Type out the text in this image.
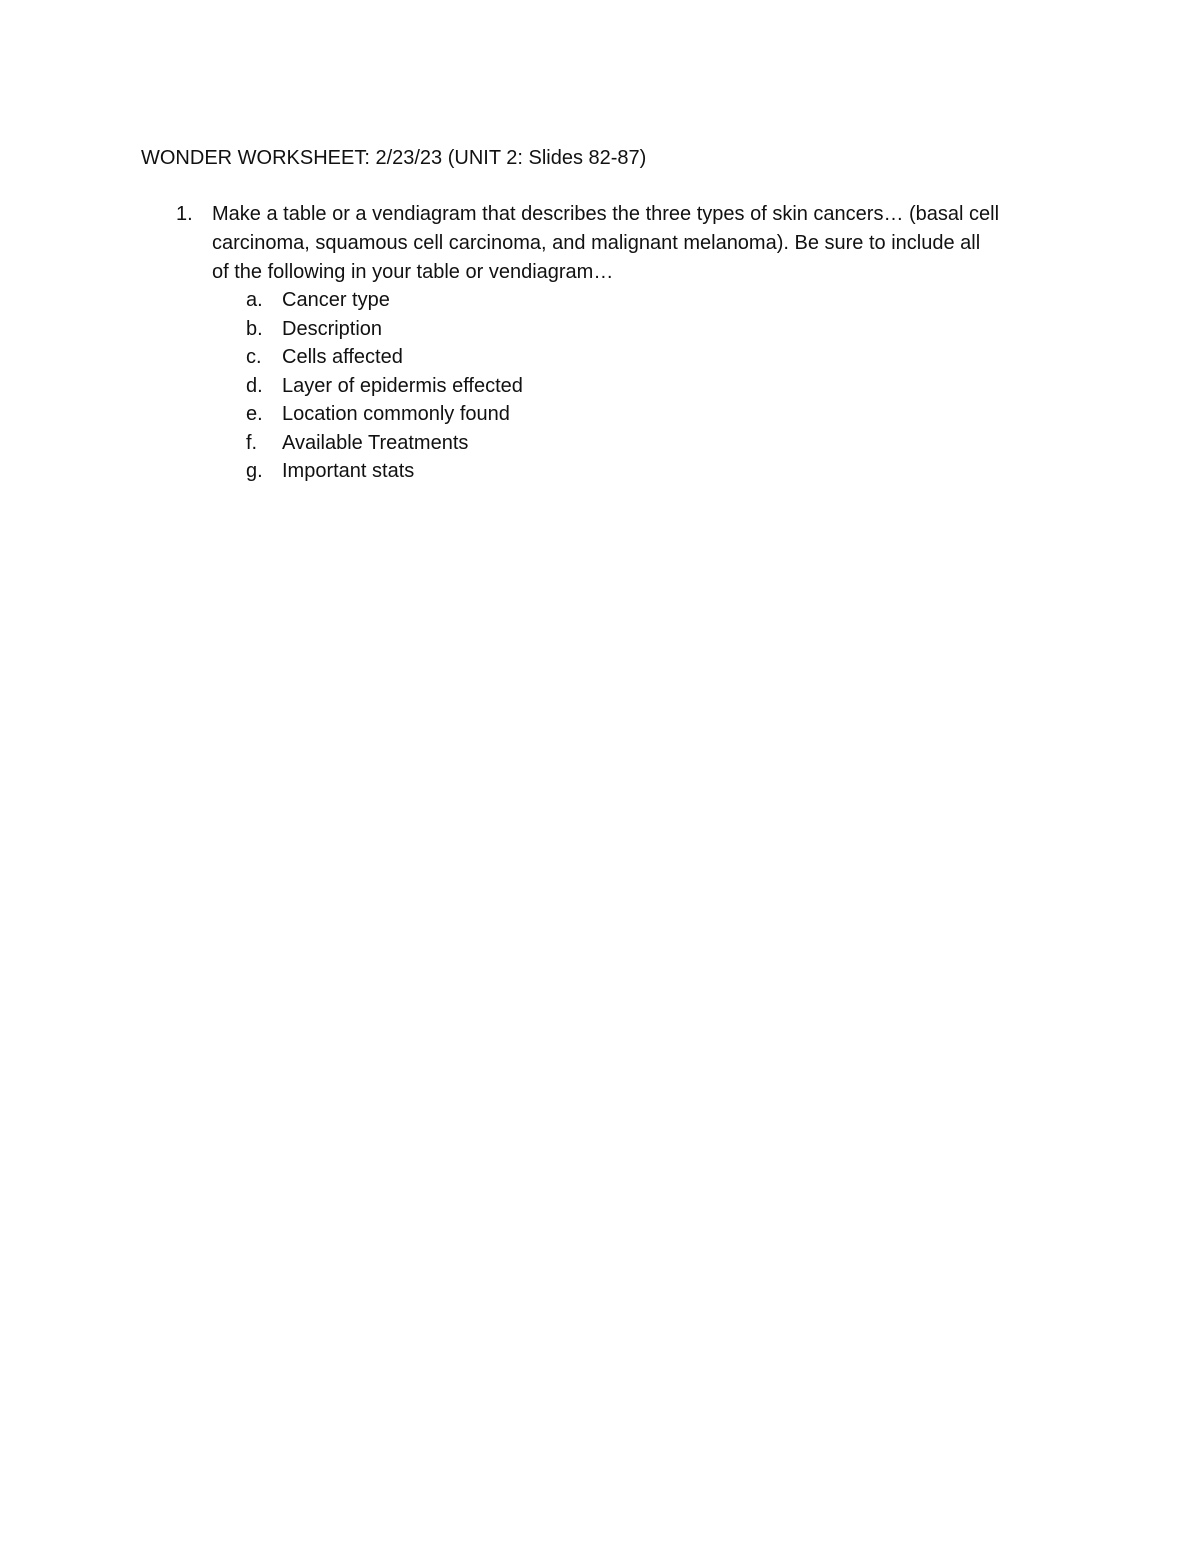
WONDER WORKSHEET: 2/23/23 (UNIT 2: Slides 82-87)
1. Make a table or a vendiagram that describes the three types of skin cancers… (basal cell
carcinoma, squamous cell carcinoma, and malignant melanoma). Be sure to include all
of the following in your table or vendiagram…
a. Cancer type
b. Description
c. Cells affected
d. Layer of epidermis effected
e. Location commonly found
f. Available Treatments
g. Important stats
